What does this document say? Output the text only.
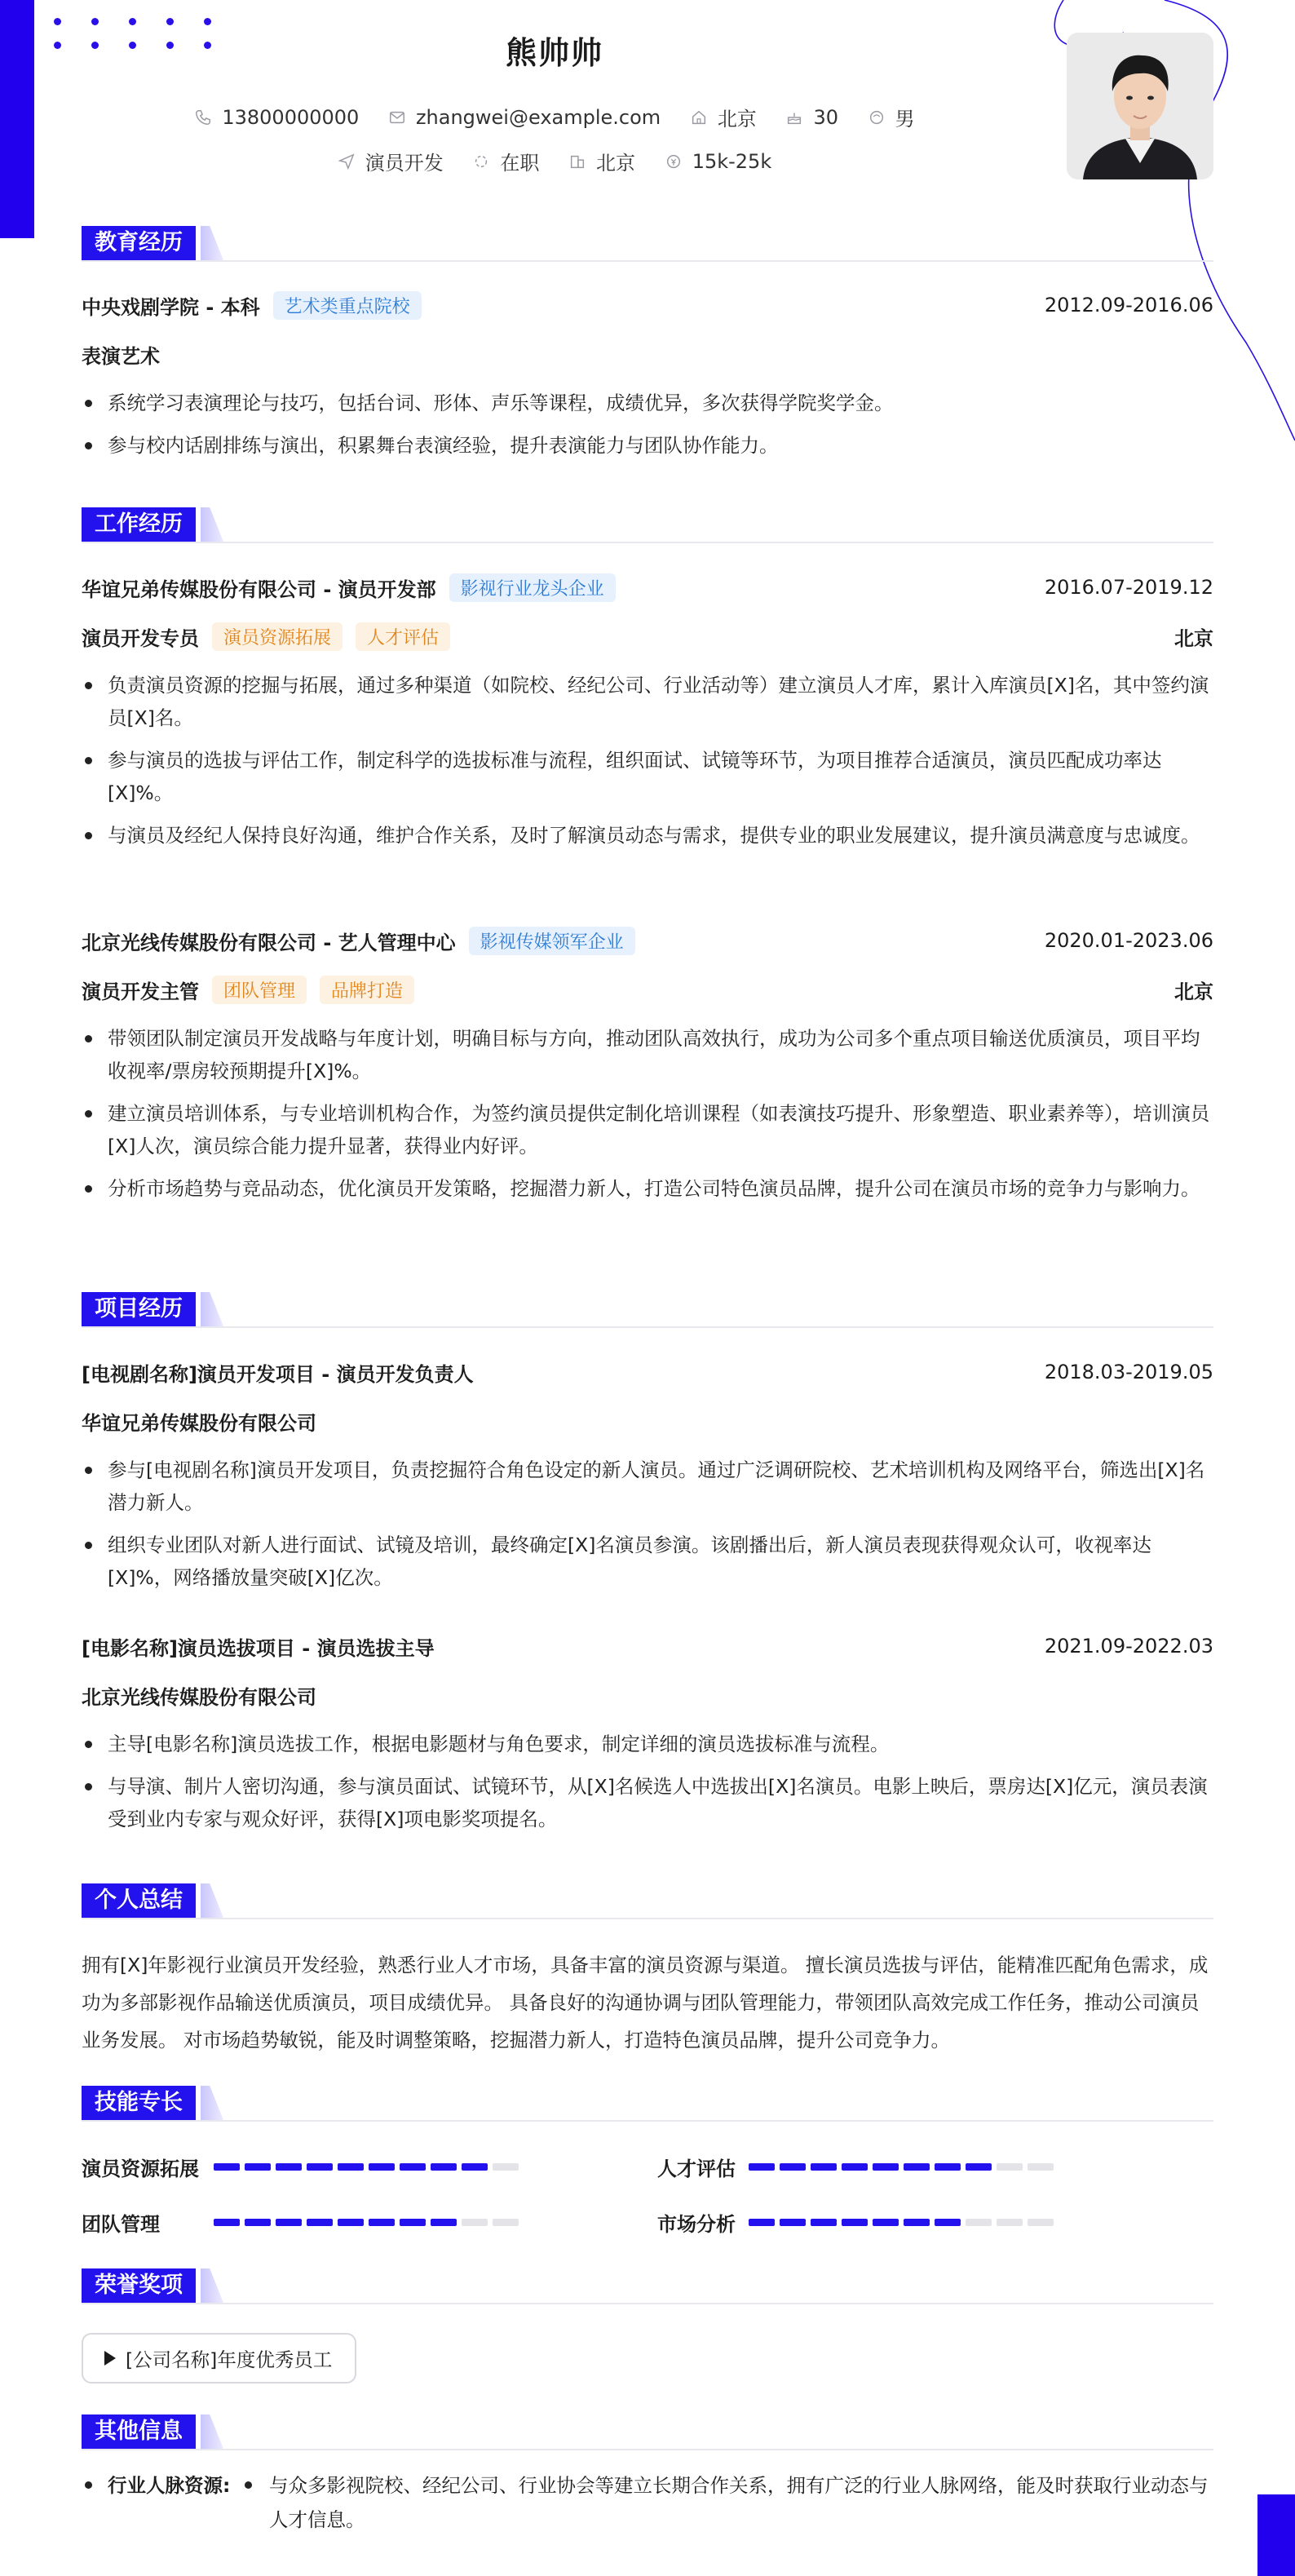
熊帅帅
13800000000
	zhangwei@example.com
	北京
	30
	男
演员开发
	在职
	北京
	15k-25k
教育经历
中央戏剧学院 - 本科	艺术类重点院校	2012.09-2016.06
表演艺术
系统学习表演理论与技巧，包括台词、形体、声乐等课程，成绩优异，多次获得学院奖学金。
参与校内话剧排练与演出，积累舞台表演经验，提升表演能力与团队协作能力。
工作经历
华谊兄弟传媒股份有限公司 - 演员开发部	影视行业龙头企业	2016.07-2019.12
演员开发专员	演员资源拓展	人才评估	北京
负责演员资源的挖掘与拓展，通过多种渠道（如院校、经纪公司、行业活动等）建立演员人才库，累计入库演员[X]名，其中签约演员[X]名。
参与演员的选拔与评估工作，制定科学的选拔标准与流程，组织面试、试镜等环节，为项目推荐合适演员，演员匹配成功率达[X]%。
与演员及经纪人保持良好沟通，维护合作关系，及时了解演员动态与需求，提供专业的职业发展建议，提升演员满意度与忠诚度。
北京光线传媒股份有限公司 - 艺人管理中心	影视传媒领军企业	2020.01-2023.06
演员开发主管	团队管理	品牌打造	北京
带领团队制定演员开发战略与年度计划，明确目标与方向，推动团队高效执行，成功为公司多个重点项目输送优质演员，项目平均收视率/票房较预期提升[X]%。
建立演员培训体系，与专业培训机构合作，为签约演员提供定制化培训课程（如表演技巧提升、形象塑造、职业素养等），培训演员[X]人次，演员综合能力提升显著，获得业内好评。
分析市场趋势与竞品动态，优化演员开发策略，挖掘潜力新人，打造公司特色演员品牌，提升公司在演员市场的竞争力与影响力。
项目经历
[电视剧名称]演员开发项目 - 演员开发负责人	2018.03-2019.05
华谊兄弟传媒股份有限公司
参与[电视剧名称]演员开发项目，负责挖掘符合角色设定的新人演员。通过广泛调研院校、艺术培训机构及网络平台，筛选出[X]名潜力新人。
组织专业团队对新人进行面试、试镜及培训，最终确定[X]名演员参演。该剧播出后，新人演员表现获得观众认可，收视率达[X]%，网络播放量突破[X]亿次。
[电影名称]演员选拔项目 - 演员选拔主导	2021.09-2022.03
北京光线传媒股份有限公司
主导[电影名称]演员选拔工作，根据电影题材与角色要求，制定详细的演员选拔标准与流程。
与导演、制片人密切沟通，参与演员面试、试镜环节，从[X]名候选人中选拔出[X]名演员。电影上映后，票房达[X]亿元，演员表演受到业内专家与观众好评，获得[X]项电影奖项提名。
个人总结
拥有[X]年影视行业演员开发经验，熟悉行业人才市场，具备丰富的演员资源与渠道。 擅长演员选拔与评估，能精准匹配角色需求，成功为多部影视作品输送优质演员，项目成绩优异。 具备良好的沟通协调与团队管理能力，带领团队高效完成工作任务，推动公司演员业务发展。 对市场趋势敏锐，能及时调整策略，挖掘潜力新人，打造特色演员品牌，提升公司竞争力。
技能专长
演员资源拓展	人才评估
团队管理	市场分析
荣誉奖项
[公司名称]年度优秀员工
其他信息
行业人脉资源:	与众多影视院校、经纪公司、行业协会等建立长期合作关系，拥有广泛的行业人脉网络，能及时获取行业动态与人才信息。
